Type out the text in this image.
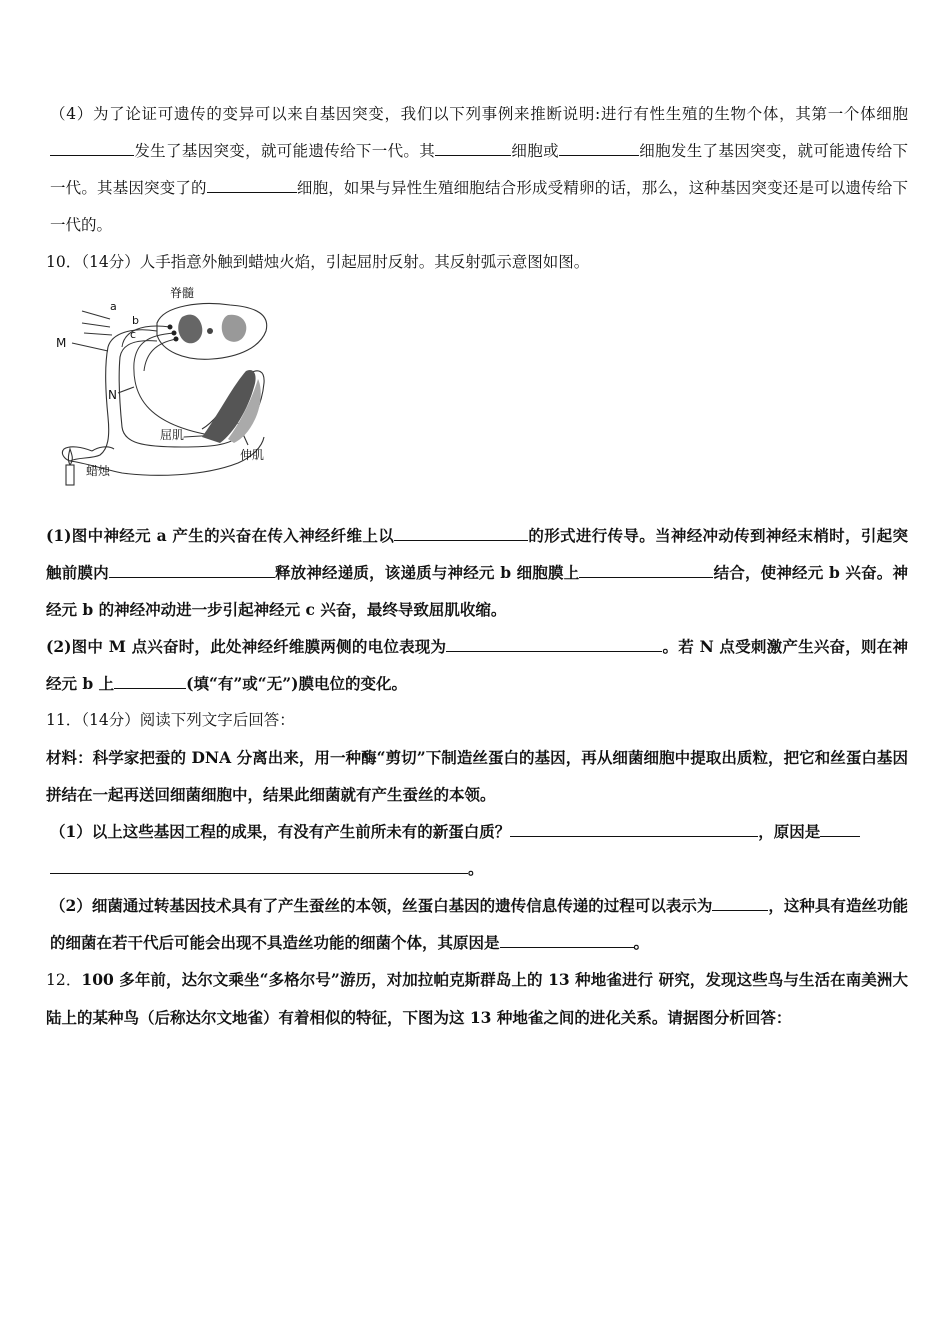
（4）为了论证可遗传的变异可以来自基因突变，我们以下列事例来推断说明:进行有性生殖的生物个体，其第一个体细胞发生了基因突变，就可能遗传给下一代。其	细胞或	细胞发生了基因突变，就可能遗传给下一代。其基因突变了的	细胞，如果与异性生殖细胞结合形成受精卵的话，那么，这种基因突变还是可以遗传给下一代的。

10．（14分）人手指意外触到蜡烛火焰，引起屈肘反射。其反射弧示意图如图。

脊髓
a
b
c
M
N
屈肌
伸肌
蜡烛

(1)图中神经元 a 产生的兴奋在传入神经纤维上以	的形式进行传导。当神经冲动传到神经末梢时，引起突触前膜内	释放神经递质，该递质与神经元 b 细胞膜上	结合，使神经元 b 兴奋。神经元 b 的神经冲动进一步引起神经元 c 兴奋，最终导致屈肌收缩。

(2)图中 M 点兴奋时，此处神经纤维膜两侧的电位表现为	。若 N 点受刺激产生兴奋，则在神经元 b 上	(填“有”或“无”)膜电位的变化。

11．（14分）阅读下列文字后回答：

材料：科学家把蚕的 DNA 分离出来，用一种酶“剪切”下制造丝蛋白的基因，再从细菌细胞中提取出质粒，把它和丝蛋白基因拼结在一起再送回细菌细胞中，结果此细菌就有产生蚕丝的本领。

（1）以上这些基因工程的成果，有没有产生前所未有的新蛋白质？	，原因是
。

（2）细菌通过转基因技术具有了产生蚕丝的本领，丝蛋白基因的遗传信息传递的过程可以表示为	，这种具有造丝功能的细菌在若干代后可能会出现不具造丝功能的细菌个体，其原因是	。

12．100 多年前，达尔文乘坐“多格尔号”游历，对加拉帕克斯群岛上的 13 种地雀进行 研究，发现这些鸟与生活在南美洲大陆上的某种鸟（后称达尔文地雀）有着相似的特征，下图为这 13 种地雀之间的进化关系。请据图分析回答：
